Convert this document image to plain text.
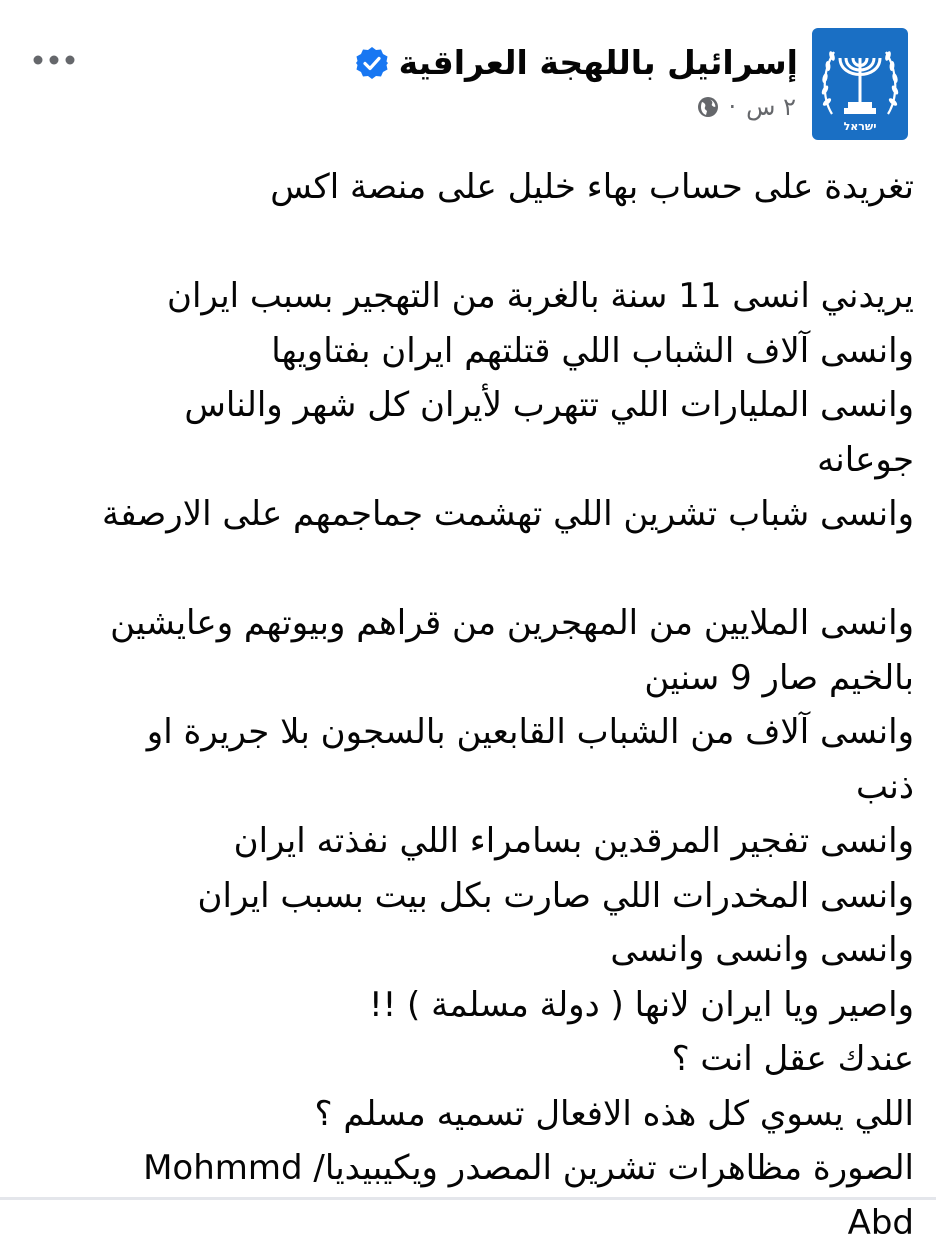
ישראל
إسرائيل باللهجة العراقية
٢ س
·
تغريدة على حساب بهاء خليل على منصة اكس
يريدني انسى 11 سنة بالغربة من التهجير بسبب ايران
وانسى آلاف الشباب اللي قتلتهم ايران بفتاويها
وانسى المليارات اللي تتهرب لأيران كل شهر والناس
جوعانه
وانسى شباب تشرين اللي تهشمت جماجمهم على الارصفة
وانسى الملايين من المهجرين من قراهم وبيوتهم وعايشين
بالخيم صار 9 سنين
وانسى آلاف من الشباب القابعين بالسجون بلا جريرة او
ذنب
وانسى تفجير المرقدين بسامراء اللي نفذته ايران
وانسى المخدرات اللي صارت بكل بيت بسبب ايران
وانسى وانسى وانسى
واصير ويا ايران لانها ( دولة مسلمة ) !!
عندك عقل انت ؟
اللي يسوي كل هذه الافعال تسميه مسلم ؟
الصورة مظاهرات تشرين المصدر ويكيبيديا/ Mohmmd
Abd
